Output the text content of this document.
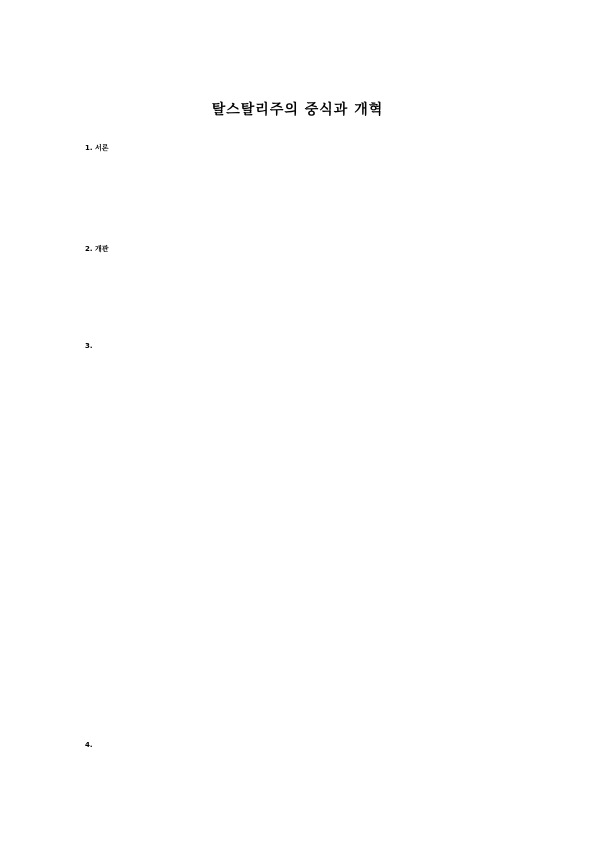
탈스탈리주의 중식과 개혁
1. 서론
2. 개관
3.
4.
